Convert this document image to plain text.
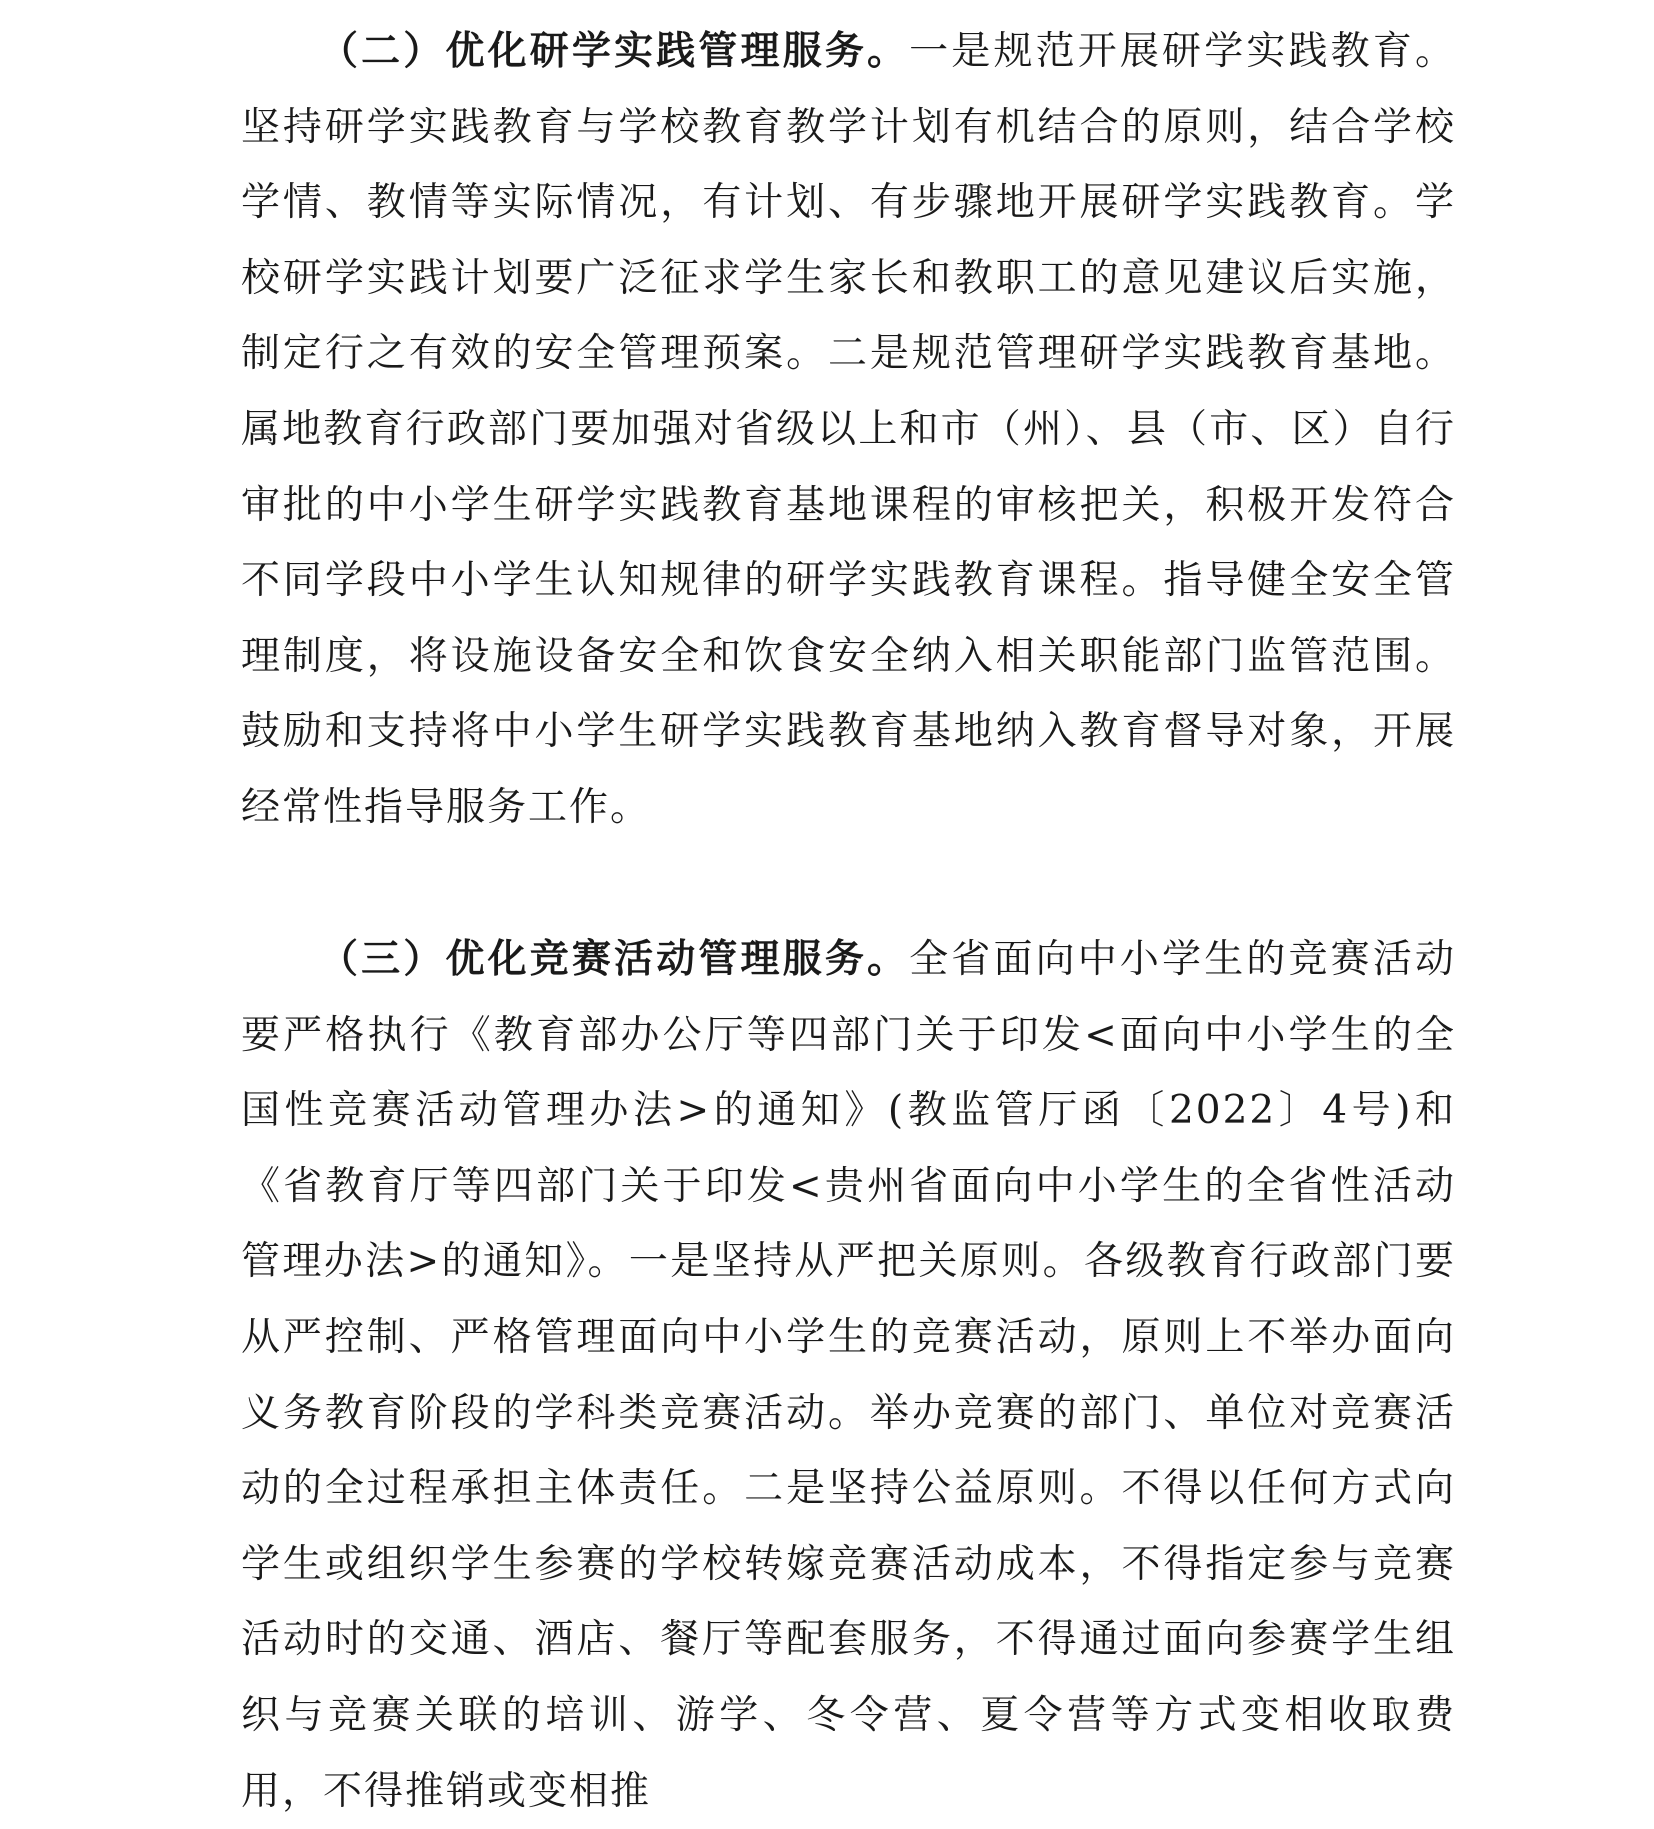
（二）优化研学实践管理服务。一是规范开展研学实践教育。坚持研学实践教育与学校教育教学计划有机结合的原则，结合学校学情、教情等实际情况，有计划、有步骤地开展研学实践教育。学校研学实践计划要广泛征求学生家长和教职工的意见建议后实施，制定行之有效的安全管理预案。二是规范管理研学实践教育基地。属地教育行政部门要加强对省级以上和市（州）、县（市、区）自行审批的中小学生研学实践教育基地课程的审核把关，积极开发符合不同学段中小学生认知规律的研学实践教育课程。指导健全安全管理制度，将设施设备安全和饮食安全纳入相关职能部门监管范围。鼓励和支持将中小学生研学实践教育基地纳入教育督导对象，开展经常性指导服务工作。

（三）优化竞赛活动管理服务。全省面向中小学生的竞赛活动要严格执行《教育部办公厅等四部门关于印发<面向中小学生的全国性竞赛活动管理办法>的通知》(教监管厅函〔2022〕4号)和《省教育厅等四部门关于印发<贵州省面向中小学生的全省性活动管理办法>的通知》。一是坚持从严把关原则。各级教育行政部门要从严控制、严格管理面向中小学生的竞赛活动，原则上不举办面向义务教育阶段的学科类竞赛活动。举办竞赛的部门、单位对竞赛活动的全过程承担主体责任。二是坚持公益原则。不得以任何方式向学生或组织学生参赛的学校转嫁竞赛活动成本，不得指定参与竞赛活动时的交通、酒店、餐厅等配套服务，不得通过面向参赛学生组织与竞赛关联的培训、游学、冬令营、夏令营等方式变相收取费用，不得推销或变相推
